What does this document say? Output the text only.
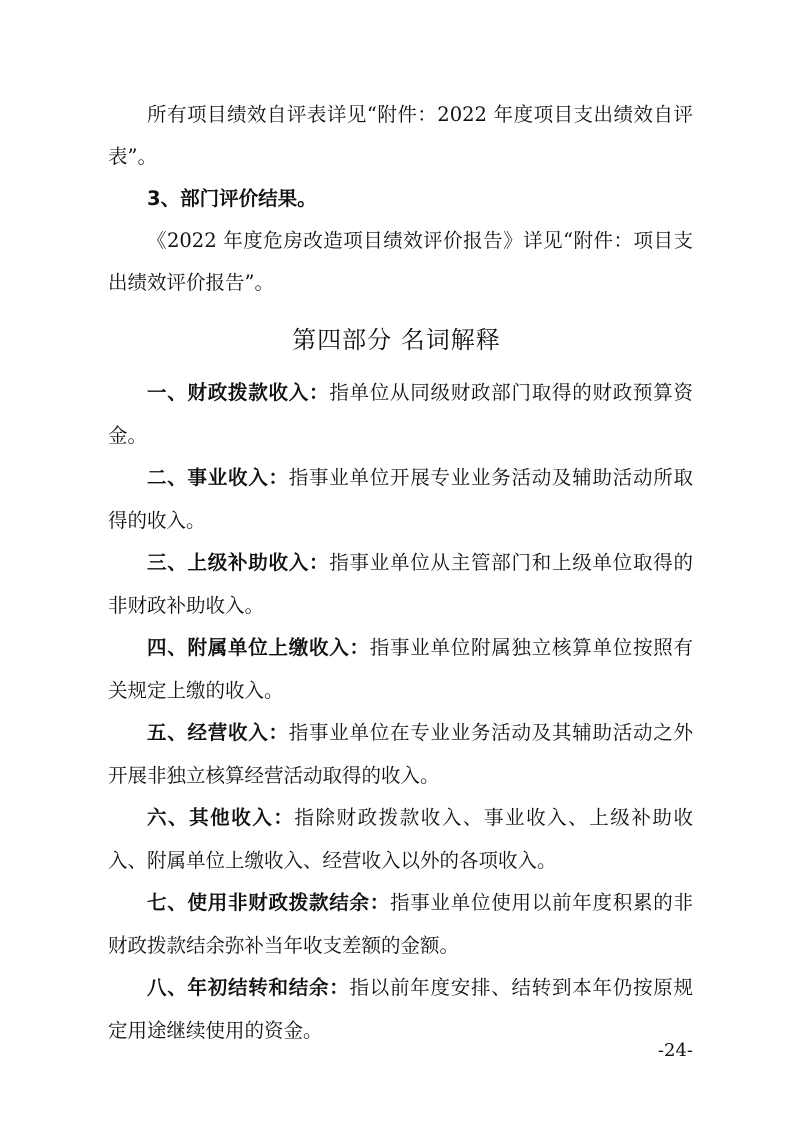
所有项目绩效自评表详见“附件：2022 年度项目支出绩效自评表”。

3、部门评价结果。

《2022 年度危房改造项目绩效评价报告》详见“附件：项目支出绩效评价报告”。

第四部分 名词解释

一、财政拨款收入：指单位从同级财政部门取得的财政预算资金。

二、事业收入：指事业单位开展专业业务活动及辅助活动所取得的收入。

三、上级补助收入：指事业单位从主管部门和上级单位取得的非财政补助收入。

四、附属单位上缴收入：指事业单位附属独立核算单位按照有关规定上缴的收入。

五、经营收入：指事业单位在专业业务活动及其辅助活动之外开展非独立核算经营活动取得的收入。

六、其他收入：指除财政拨款收入、事业收入、上级补助收入、附属单位上缴收入、经营收入以外的各项收入。

七、使用非财政拨款结余：指事业单位使用以前年度积累的非财政拨款结余弥补当年收支差额的金额。

八、年初结转和结余：指以前年度安排、结转到本年仍按原规定用途继续使用的资金。

-24-
